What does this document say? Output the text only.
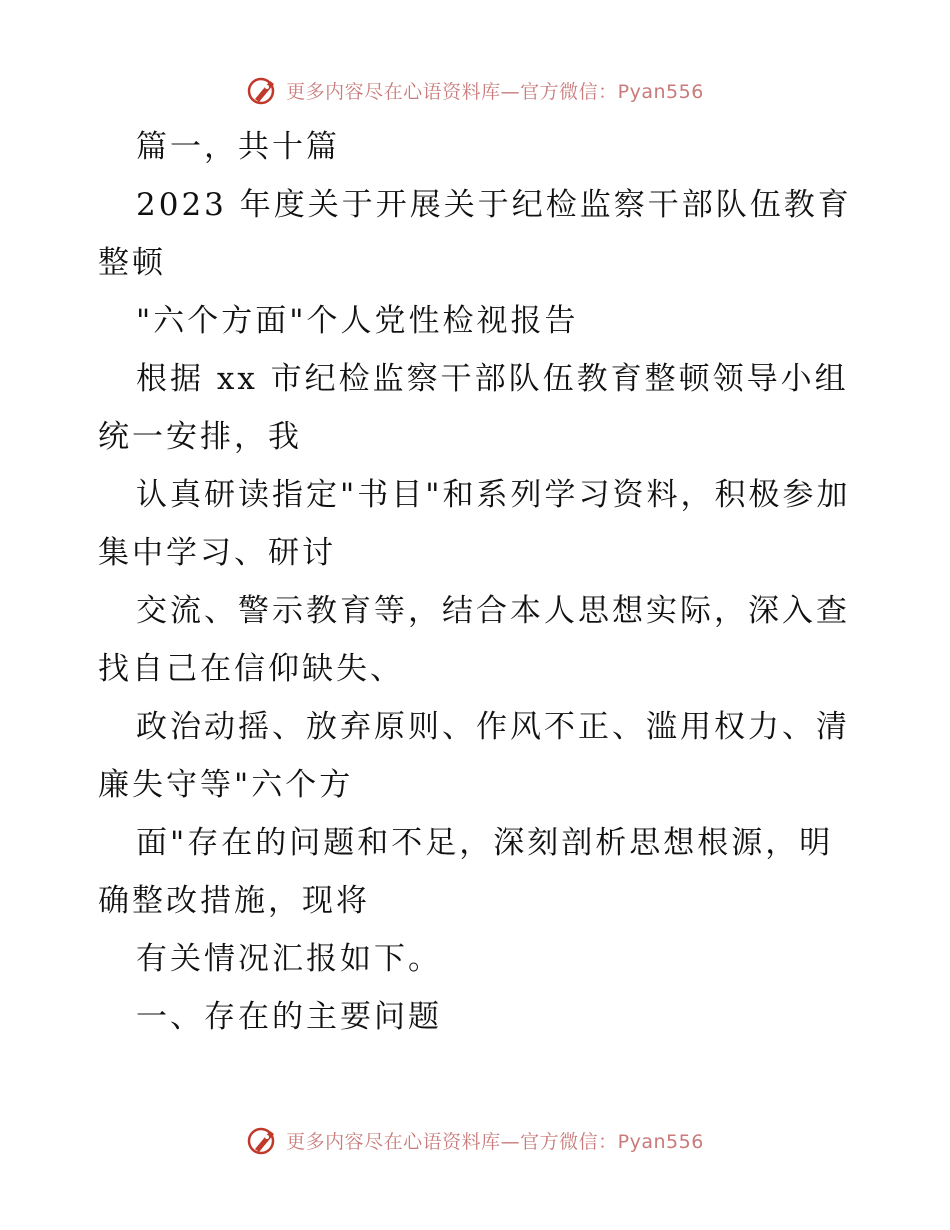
更多内容尽在心语资料库—官方微信：Pyan556

篇一，共十篇

2023 年度关于开展关于纪检监察干部队伍教育整顿

"六个方面"个人党性检视报告

根据 xx 市纪检监察干部队伍教育整顿领导小组统一安排，我

认真研读指定"书目"和系列学习资料，积极参加集中学习、研讨

交流、警示教育等，结合本人思想实际，深入查找自己在信仰缺失、

政治动摇、放弃原则、作风不正、滥用权力、清廉失守等"六个方

面"存在的问题和不足，深刻剖析思想根源，明确整改措施，现将

有关情况汇报如下。

一、存在的主要问题

更多内容尽在心语资料库—官方微信：Pyan556
